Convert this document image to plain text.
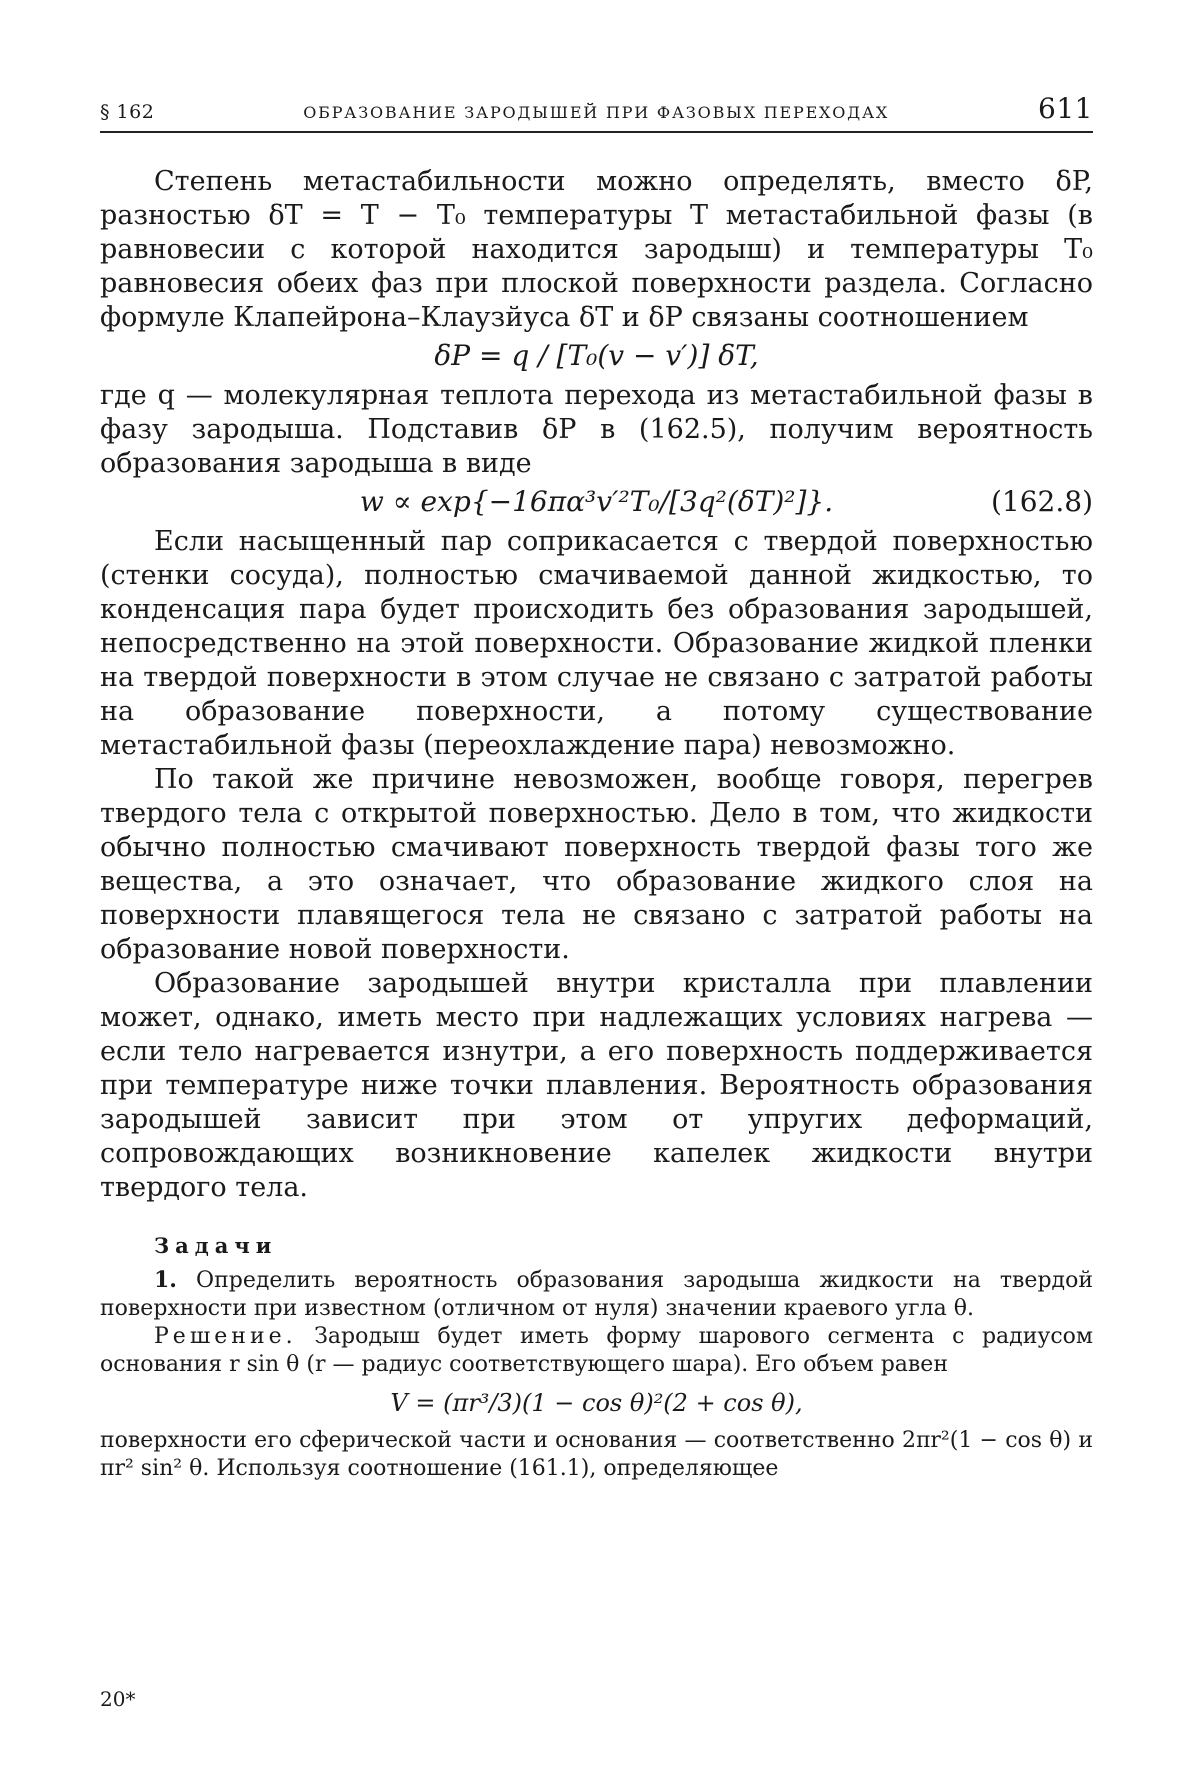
§ 162	ОБРАЗОВАНИЕ ЗАРОДЫШЕЙ ПРИ ФАЗОВЫХ ПЕРЕХОДАХ	611

Степень метастабильности можно определять, вместо δP, разностью δT = T − T₀ температуры T метастабильной фазы (в равновесии с которой находится зародыш) и температуры T₀ равновесия обеих фаз при плоской поверхности раздела. Согласно формуле Клапейрона–Клаузйуса δT и δP связаны соотношением

δP = q / [T₀(v − v′)] δT,

где q — молекулярная теплота перехода из метастабильной фазы в фазу зародыша. Подставив δP в (162.5), получим вероятность образования зародыша в виде

w ∝ exp{−16πα³v′²T₀/[3q²(δT)²]}.	(162.8)

Если насыщенный пар соприкасается с твердой поверхностью (стенки сосуда), полностью смачиваемой данной жидкостью, то конденсация пара будет происходить без образования зародышей, непосредственно на этой поверхности. Образование жидкой пленки на твердой поверхности в этом случае не связано с затратой работы на образование поверхности, а потому существование метастабильной фазы (переохлаждение пара) невозможно.

По такой же причине невозможен, вообще говоря, перегрев твердого тела с открытой поверхностью. Дело в том, что жидкости обычно полностью смачивают поверхность твердой фазы того же вещества, а это означает, что образование жидкого слоя на поверхности плавящегося тела не связано с затратой работы на образование новой поверхности.

Образование зародышей внутри кристалла при плавлении может, однако, иметь место при надлежащих условиях нагрева — если тело нагревается изнутри, а его поверхность поддерживается при температуре ниже точки плавления. Вероятность образования зародышей зависит при этом от упругих деформаций, сопровождающих возникновение капелек жидкости внутри твердого тела.

Задачи

1. Определить вероятность образования зародыша жидкости на твердой поверхности при известном (отличном от нуля) значении краевого угла θ.

Решение. Зародыш будет иметь форму шарового сегмента с радиусом основания r sin θ (r — радиус соответствующего шара). Его объем равен

V = (πr³/3)(1 − cos θ)²(2 + cos θ),

поверхности его сферической части и основания — соответственно 2πr²(1 − cos θ) и πr² sin² θ. Используя соотношение (161.1), определяющее

20*
